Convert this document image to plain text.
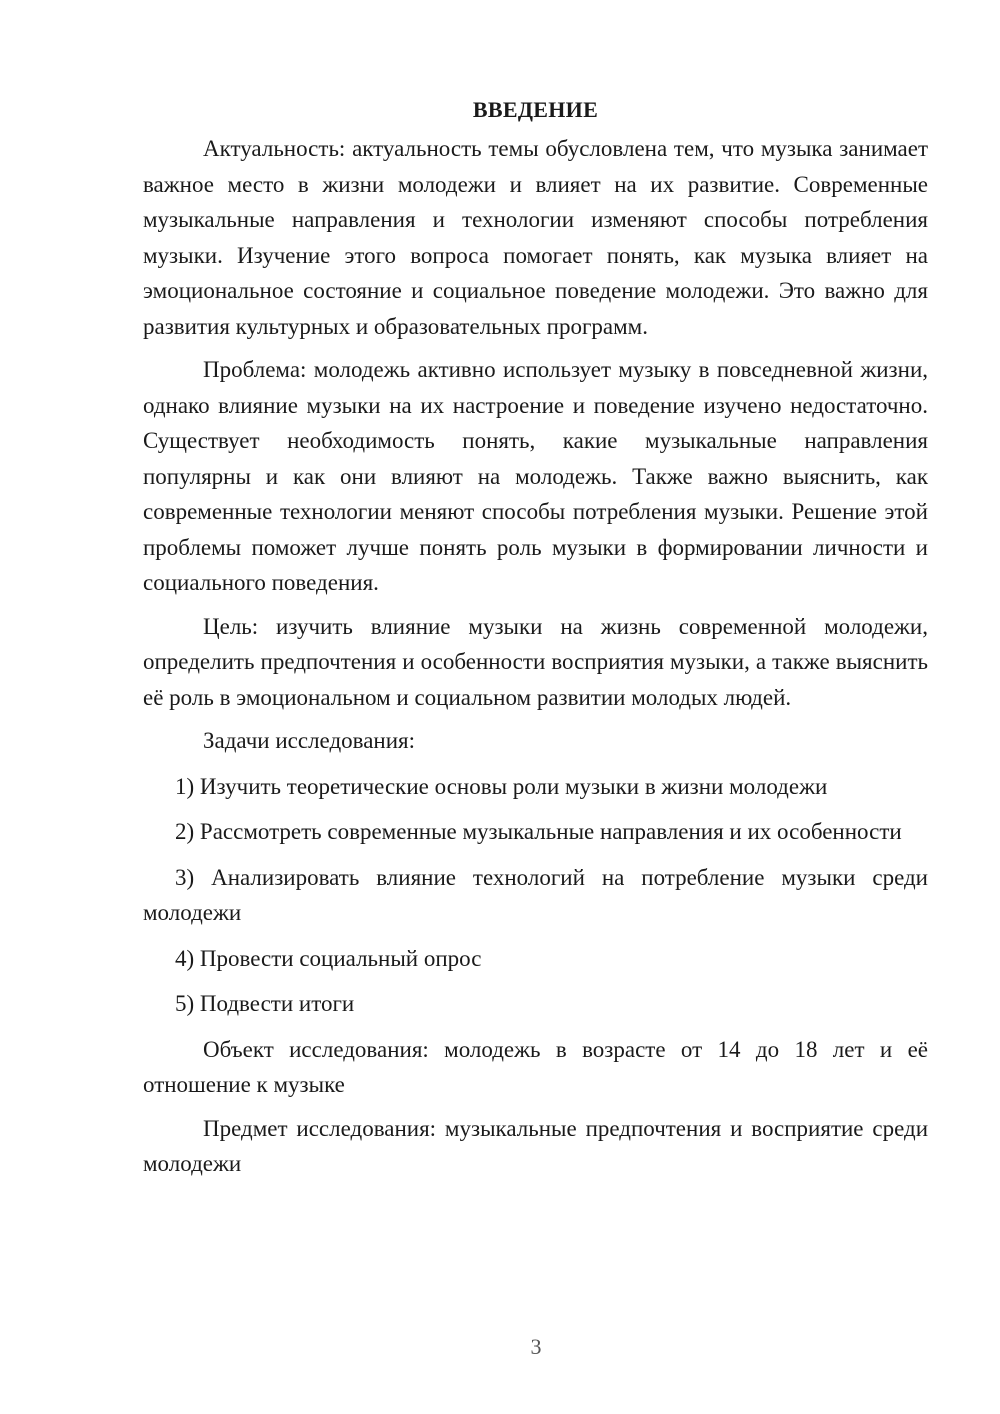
ВВЕДЕНИЕ

Актуальность: актуальность темы обусловлена тем, что музыка занимает важное место в жизни молодежи и влияет на их развитие. Современные музыкальные направления и технологии изменяют способы потребления музыки. Изучение этого вопроса помогает понять, как музыка влияет на эмоциональное состояние и социальное поведение молодежи. Это важно для развития культурных и образовательных программ.

Проблема: молодежь активно использует музыку в повседневной жизни, однако влияние музыки на их настроение и поведение изучено недостаточно. Существует необходимость понять, какие музыкальные направления популярны и как они влияют на молодежь. Также важно выяснить, как современные технологии меняют способы потребления музыки. Решение этой проблемы поможет лучше понять роль музыки в формировании личности и социального поведения.

Цель: изучить влияние музыки на жизнь современной молодежи, определить предпочтения и особенности восприятия музыки, а также выяснить её роль в эмоциональном и социальном развитии молодых людей.

Задачи исследования:

1) Изучить теоретические основы роли музыки в жизни молодежи

2) Рассмотреть современные музыкальные направления и их особенности

3) Анализировать влияние технологий на потребление музыки среди молодежи

4) Провести социальный опрос

5) Подвести итоги

Объект исследования: молодежь в возрасте от 14 до 18 лет и её отношение к музыке

Предмет исследования: музыкальные предпочтения и восприятие среди молодежи

3
